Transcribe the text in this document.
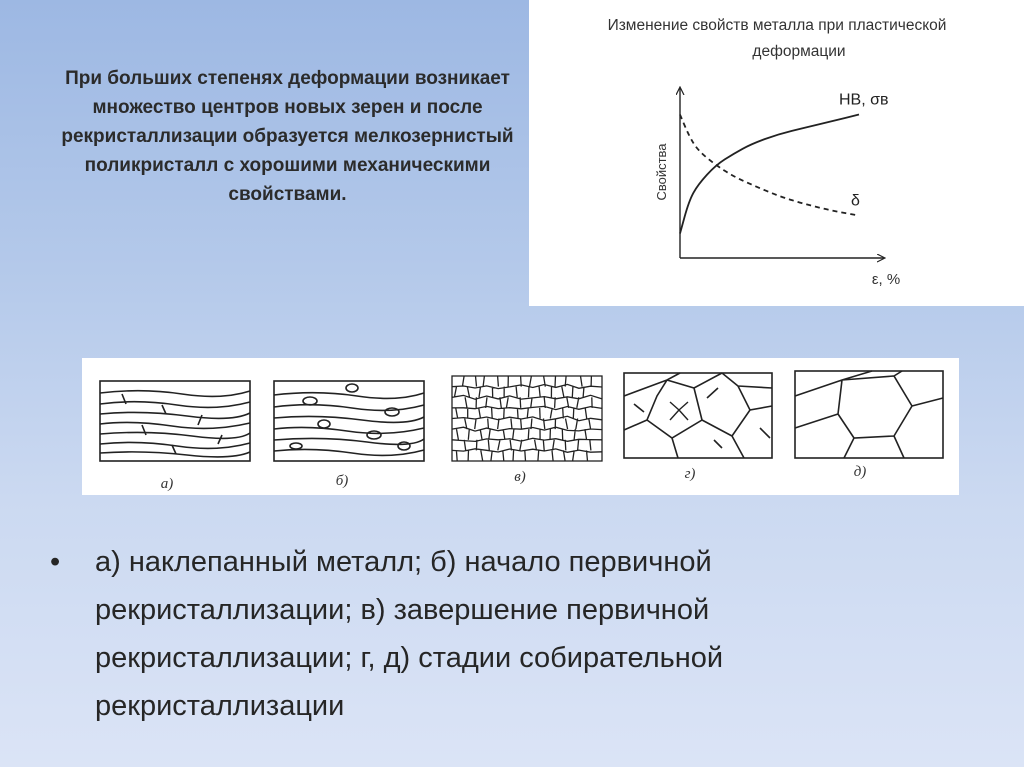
При больших степенях деформации возникает множество центров новых зерен и после рекристаллизации образуется мелкозернистый поликристалл с хорошими механическими свойствами.
Изменение свойств металла при пластической
деформации
Свойства
ε, %
HB, σв
δ
а)	б)	в)	г)	д)
•	а) наклепанный металл; б) начало первичной рекристаллизации; в) завершение первичной рекристаллизации; г, д) стадии собирательной рекристаллизации
